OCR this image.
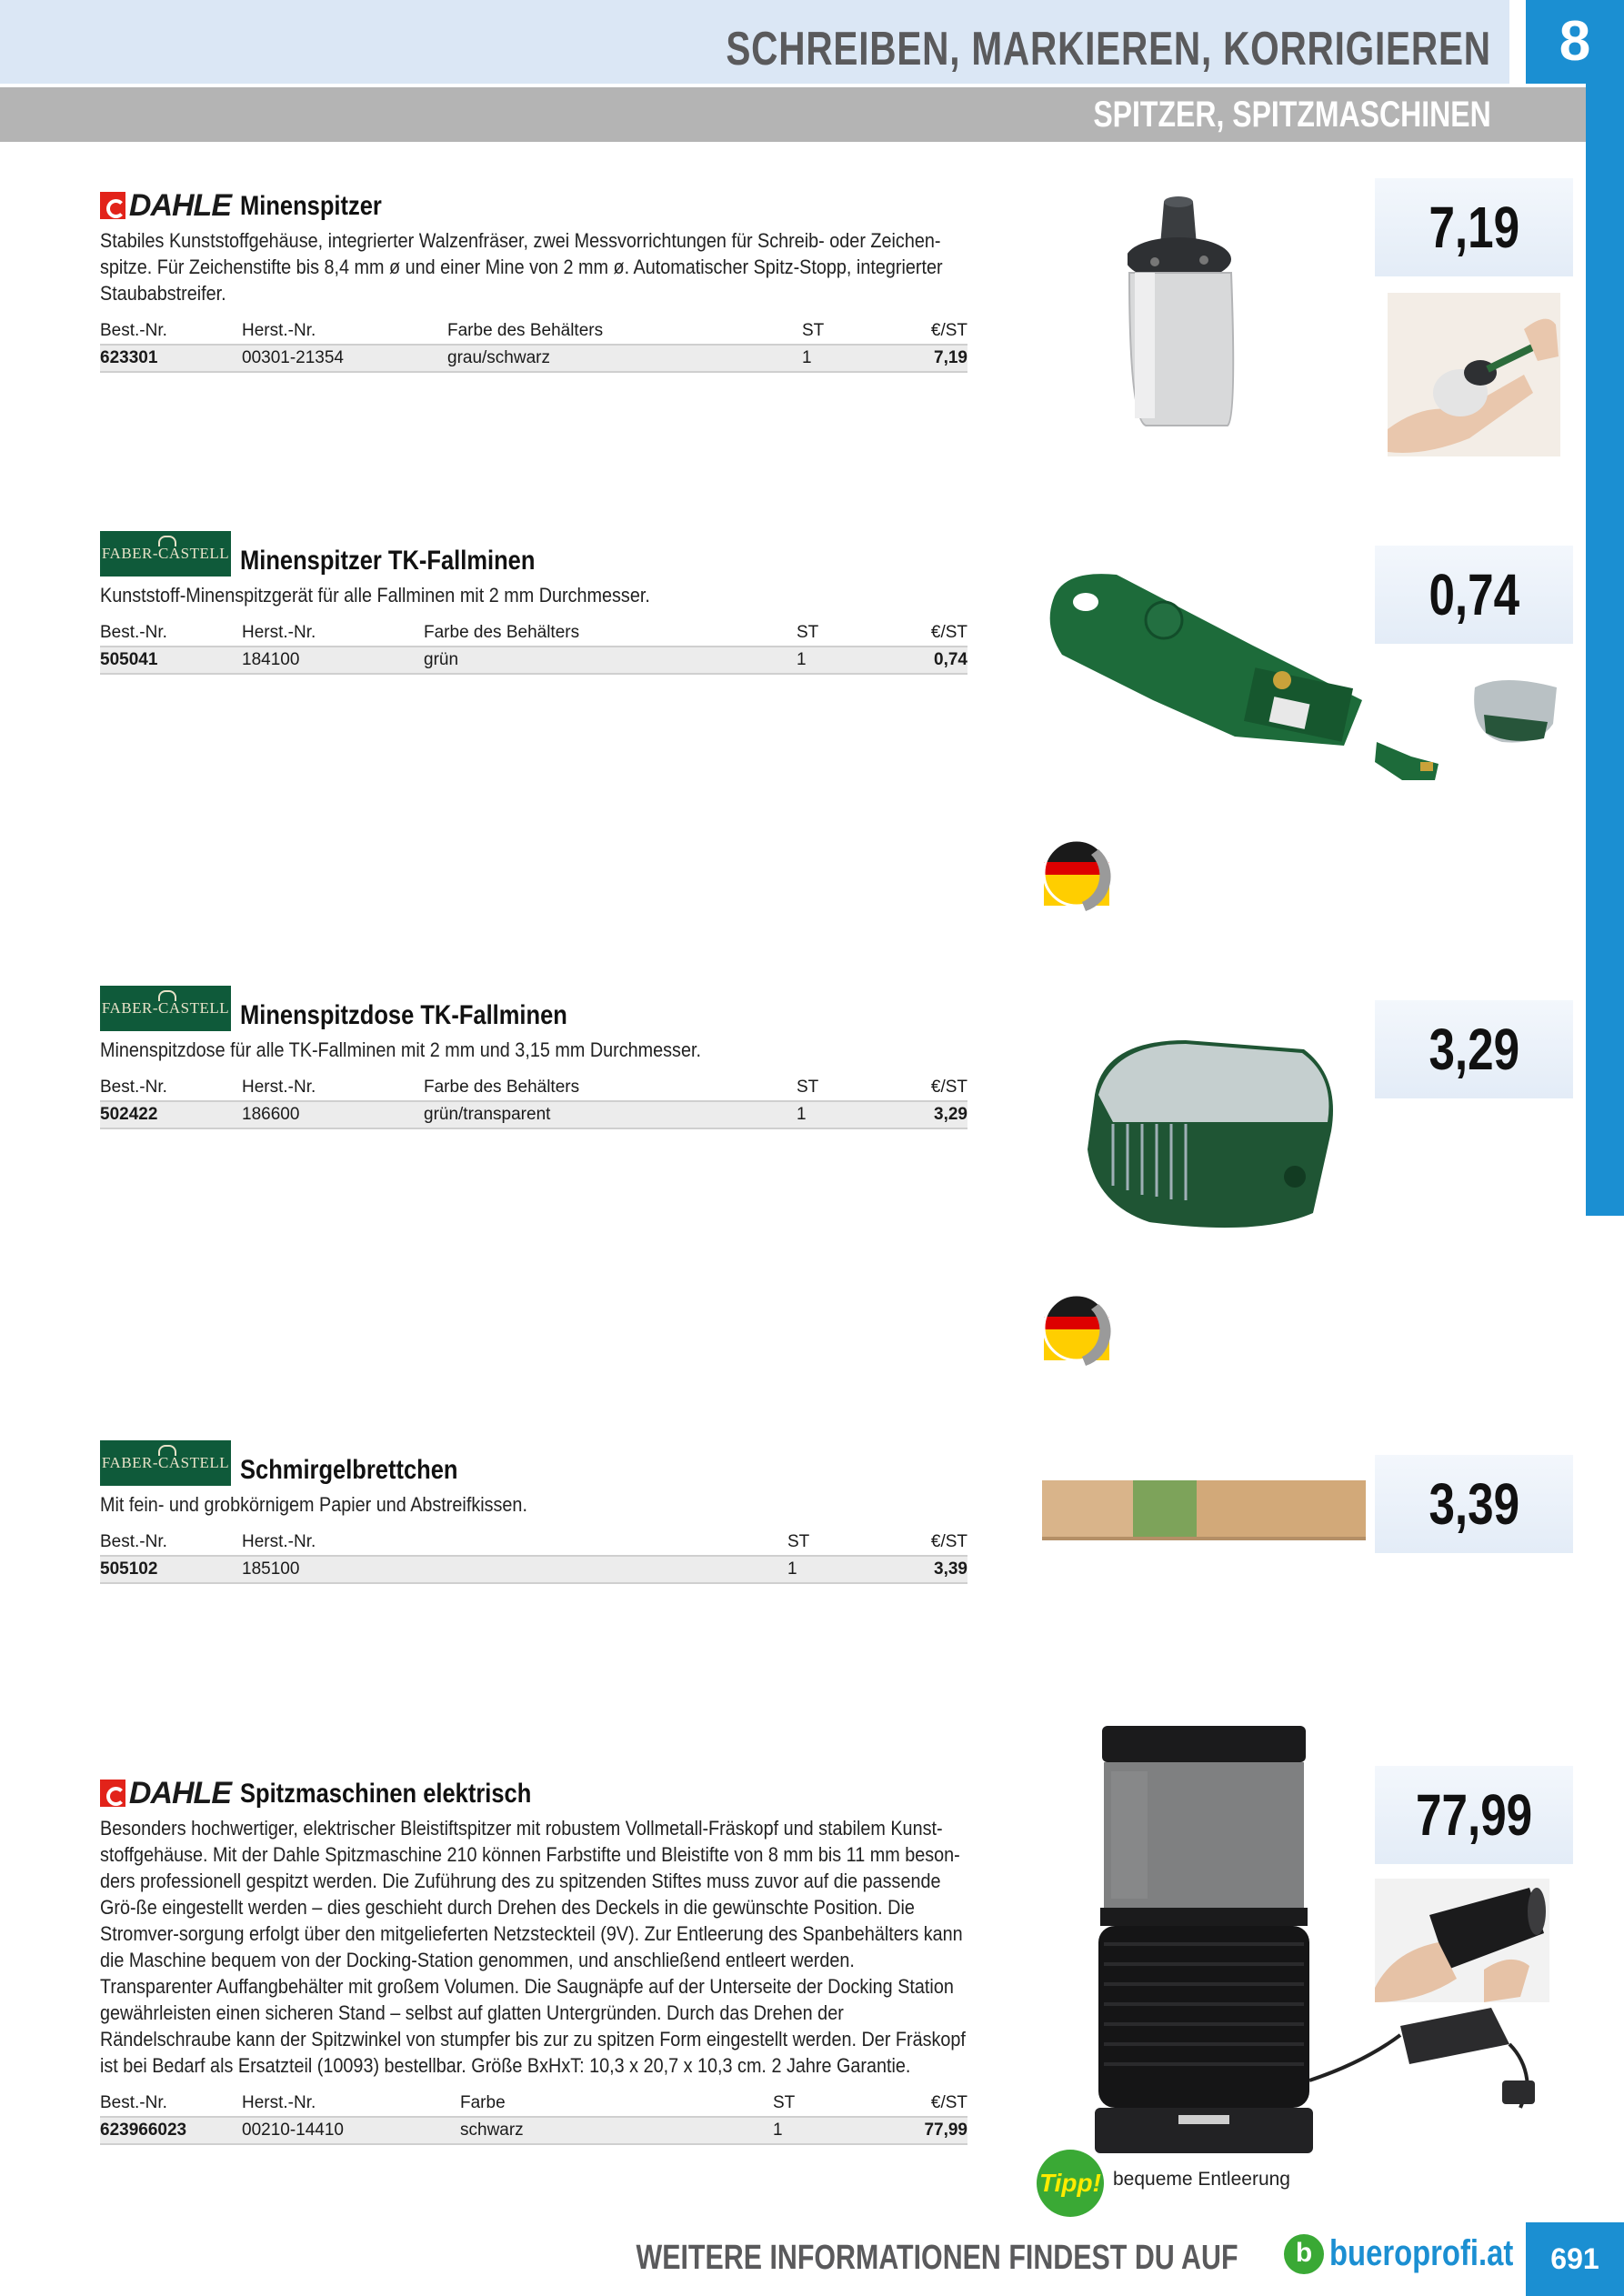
SCHREIBEN, MARKIEREN, KORRIGIEREN	8
SPITZER, SPITZMASCHINEN
DAHLE Minenspitzer
Stabiles Kunststoffgehäuse, integrierter Walzenfräser, zwei Messvorrichtungen für Schreib- oder Zeichen-spitze. Für Zeichenstifte bis 8,4 mm ø und einer Mine von 2 mm ø. Automatischer Spitz-Stopp, integrierter Staubabstreifer.
Best.-Nr.	Herst.-Nr.	Farbe des Behälters	ST	€/ST
623301	00301-21354	grau/schwarz	1	7,19
7,19
FABER-CASTELL Minenspitzer TK-Fallminen
Kunststoff-Minenspitzgerät für alle Fallminen mit 2 mm Durchmesser.
Best.-Nr.	Herst.-Nr.	Farbe des Behälters	ST	€/ST
505041	184100	grün	1	0,74
0,74
FABER-CASTELL Minenspitzdose TK-Fallminen
Minenspitzdose für alle TK-Fallminen mit 2 mm und 3,15 mm Durchmesser.
Best.-Nr.	Herst.-Nr.	Farbe des Behälters	ST	€/ST
502422	186600	grün/transparent	1	3,29
3,29
FABER-CASTELL Schmirgelbrettchen
Mit fein- und grobkörnigem Papier und Abstreifkissen.
Best.-Nr.	Herst.-Nr.	ST	€/ST
505102	185100	1	3,39
3,39
DAHLE Spitzmaschinen elektrisch
Besonders hochwertiger, elektrischer Bleistiftspitzer mit robustem Vollmetall-Fräskopf und stabilem Kunst-stoffgehäuse. Mit der Dahle Spitzmaschine 210 können Farbstifte und Bleistifte von 8 mm bis 11 mm beson-ders professionell gespitzt werden. Die Zuführung des zu spitzenden Stiftes muss zuvor auf die passende Grö-ße eingestellt werden – dies geschieht durch Drehen des Deckels in die gewünschte Position. Die Stromver-sorgung erfolgt über den mitgelieferten Netzsteckteil (9V). Zur Entleerung des Spanbehälters kann die Maschine bequem von der Docking-Station genommen, und anschließend entleert werden. Transparenter Auffangbehälter mit großem Volumen. Die Saugnäpfe auf der Unterseite der Docking Station gewährleisten einen sicheren Stand – selbst auf glatten Untergründen. Durch das Drehen der Rändelschraube kann der Spitzwinkel von stumpfer bis zur zu spitzen Form eingestellt werden. Der Fräskopf ist bei Bedarf als Ersatzteil (10093) bestellbar. Größe BxHxT: 10,3 x 20,7 x 10,3 cm. 2 Jahre Garantie.
Best.-Nr.	Herst.-Nr.	Farbe	ST	€/ST
623966023	00210-14410	schwarz	1	77,99
77,99
Tipp! bequeme Entleerung
WEITERE INFORMATIONEN FINDEST DU AUF	b bueroprofi.at	691
